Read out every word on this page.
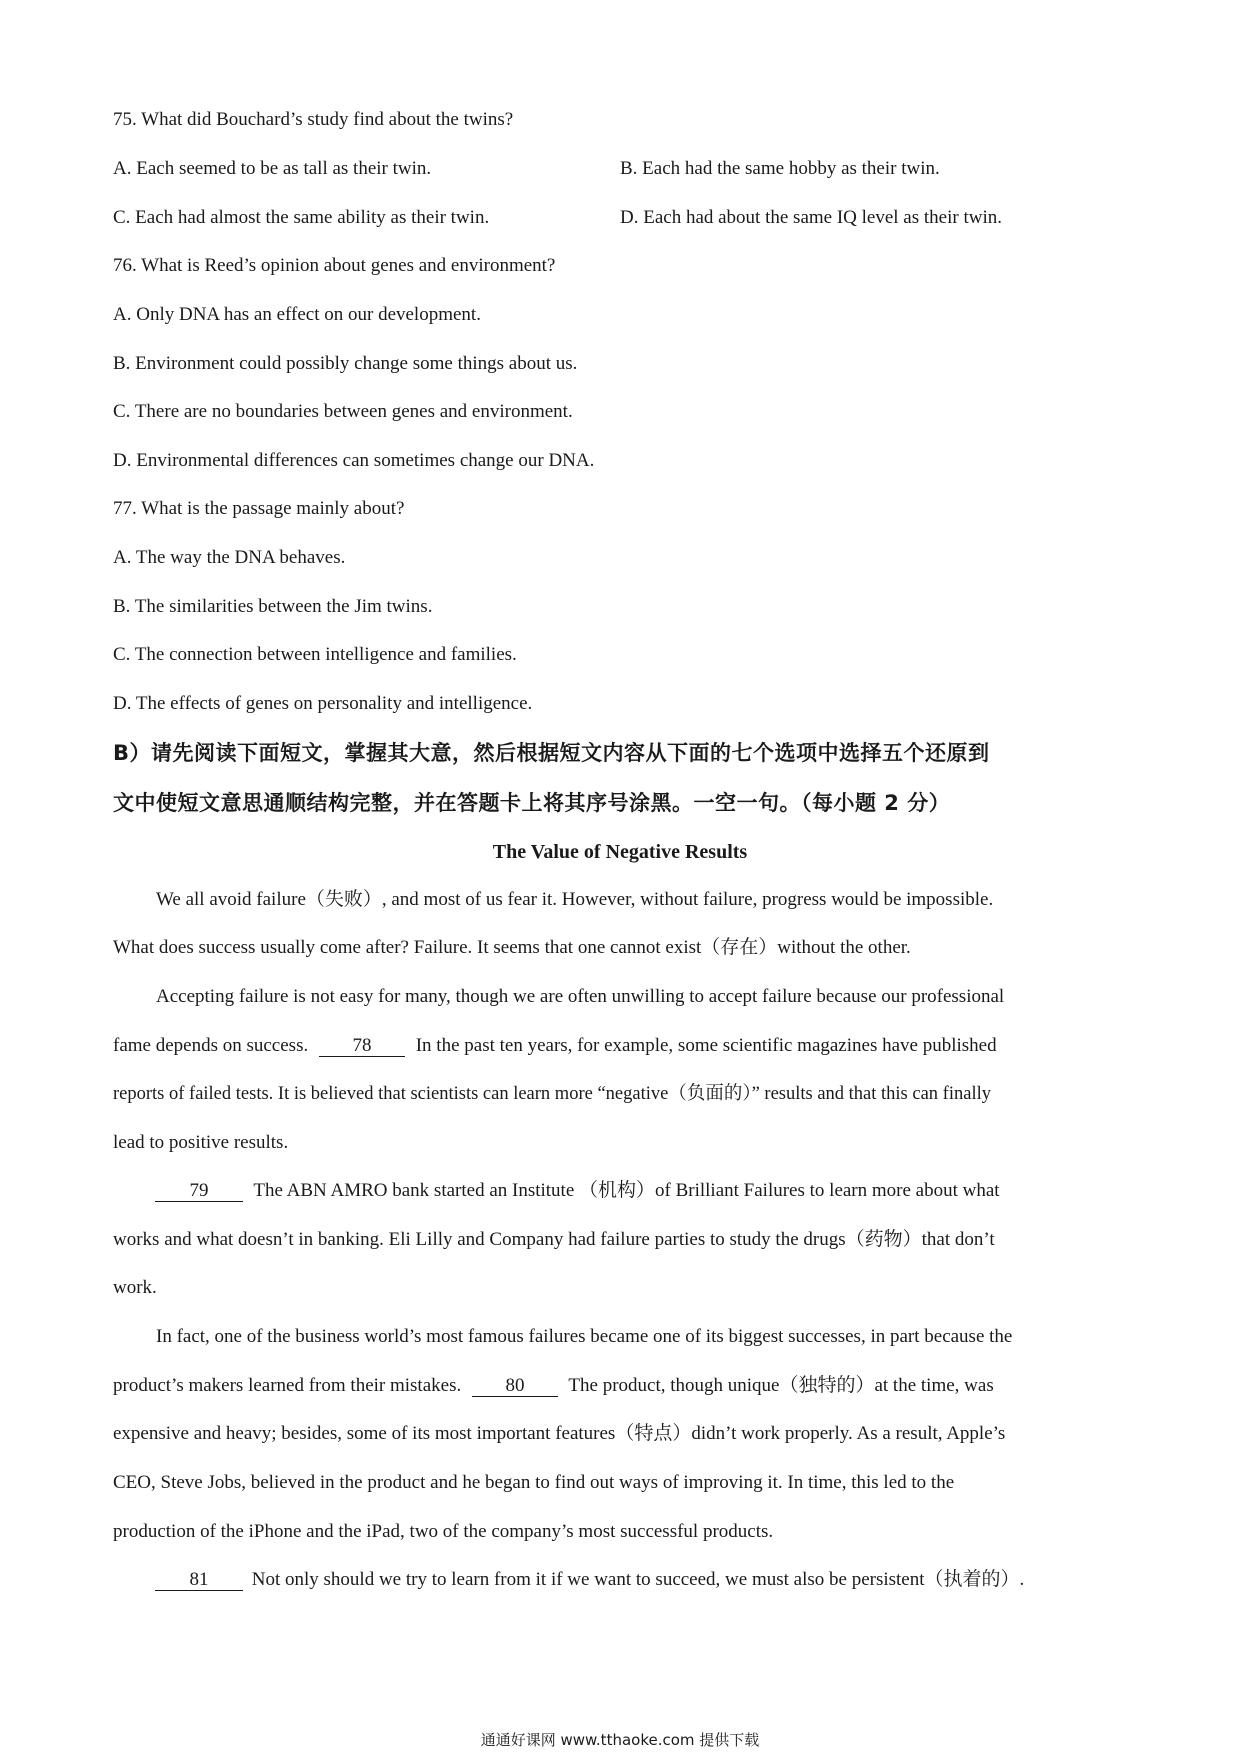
75. What did Bouchard’s study find about the twins?
A. Each seemed to be as tall as their twin.	B. Each had the same hobby as their twin.
C. Each had almost the same ability as their twin.	D. Each had about the same IQ level as their twin.
76. What is Reed’s opinion about genes and environment?
A. Only DNA has an effect on our development.
B. Environment could possibly change some things about us.
C. There are no boundaries between genes and environment.
D. Environmental differences can sometimes change our DNA.
77. What is the passage mainly about?
A. The way the DNA behaves.
B. The similarities between the Jim twins.
C. The connection between intelligence and families.
D. The effects of genes on personality and intelligence.
B）请先阅读下面短文，掌握其大意，然后根据短文内容从下面的七个选项中选择五个还原到
文中使短文意思通顺结构完整，并在答题卡上将其序号涂黑。一空一句。（每小题 2 分）
The Value of Negative Results
We all avoid failure（失败）, and most of us fear it. However, without failure, progress would be impossible.
What does success usually come after? Failure. It seems that one cannot exist（存在）without the other.
Accepting failure is not easy for many, though we are often unwilling to accept failure because our professional
fame depends on success. 78 In the past ten years, for example, some scientific magazines have published
reports of failed tests. It is believed that scientists can learn more “negative（负面的）” results and that this can finally
lead to positive results.
79 The ABN AMRO bank started an Institute （机构）of Brilliant Failures to learn more about what
works and what doesn’t in banking. Eli Lilly and Company had failure parties to study the drugs（药物）that don’t
work.
In fact, one of the business world’s most famous failures became one of its biggest successes, in part because the
product’s makers learned from their mistakes. 80 The product, though unique（独特的）at the time, was
expensive and heavy; besides, some of its most important features（特点）didn’t work properly. As a result, Apple’s
CEO, Steve Jobs, believed in the product and he began to find out ways of improving it. In time, this led to the
production of the iPhone and the iPad, two of the company’s most successful products.
81 Not only should we try to learn from it if we want to succeed, we must also be persistent（执着的）.
通通好课网 www.tthaoke.com 提供下载
